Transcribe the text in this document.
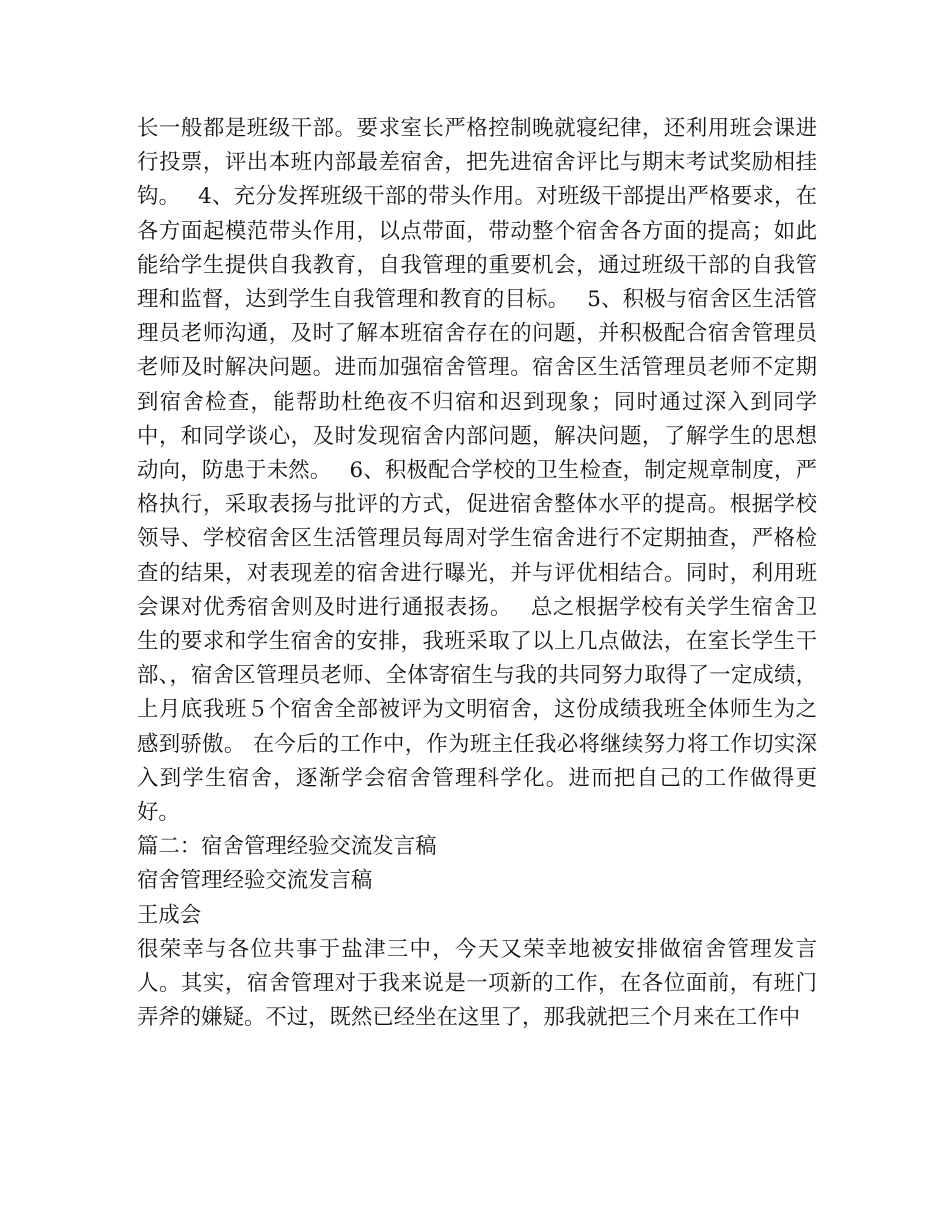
长一般都是班级干部。要求室长严格控制晚就寝纪律，还利用班会课进行投票，评出本班内部最差宿舍，把先进宿舍评比与期末考试奖励相挂钩。　 4、充分发挥班级干部的带头作用。对班级干部提出严格要求，在各方面起模范带头作用，以点带面，带动整个宿舍各方面的提高；如此能给学生提供自我教育，自我管理的重要机会，通过班级干部的自我管理和监督，达到学生自我管理和教育的目标。　 5、积极与宿舍区生活管理员老师沟通，及时了解本班宿舍存在的问题，并积极配合宿舍管理员老师及时解决问题。进而加强宿舍管理。宿舍区生活管理员老师不定期到宿舍检查，能帮助杜绝夜不归宿和迟到现象；同时通过深入到同学中，和同学谈心，及时发现宿舍内部问题，解决问题，了解学生的思想动向，防患于未然。　 6、积极配合学校的卫生检查，制定规章制度，严格执行，采取表扬与批评的方式，促进宿舍整体水平的提高。根据学校领导、学校宿舍区生活管理员每周对学生宿舍进行不定期抽查，严格检查的结果，对表现差的宿舍进行曝光，并与评优相结合。同时，利用班会课对优秀宿舍则及时进行通报表扬。　 总之根据学校有关学生宿舍卫生的要求和学生宿舍的安排，我班采取了以上几点做法，在室长学生干部、，宿舍区管理员老师、全体寄宿生与我的共同努力取得了一定成绩，上月底我班５个宿舍全部被评为文明宿舍，这份成绩我班全体师生为之感到骄傲。 在今后的工作中，作为班主任我必将继续努力将工作切实深入到学生宿舍，逐渐学会宿舍管理科学化。进而把自己的工作做得更好。

篇二：宿舍管理经验交流发言稿

宿舍管理经验交流发言稿

王成会

很荣幸与各位共事于盐津三中，今天又荣幸地被安排做宿舍管理发言人。其实，宿舍管理对于我来说是一项新的工作，在各位面前，有班门弄斧的嫌疑。不过，既然已经坐在这里了，那我就把三个月来在工作中
